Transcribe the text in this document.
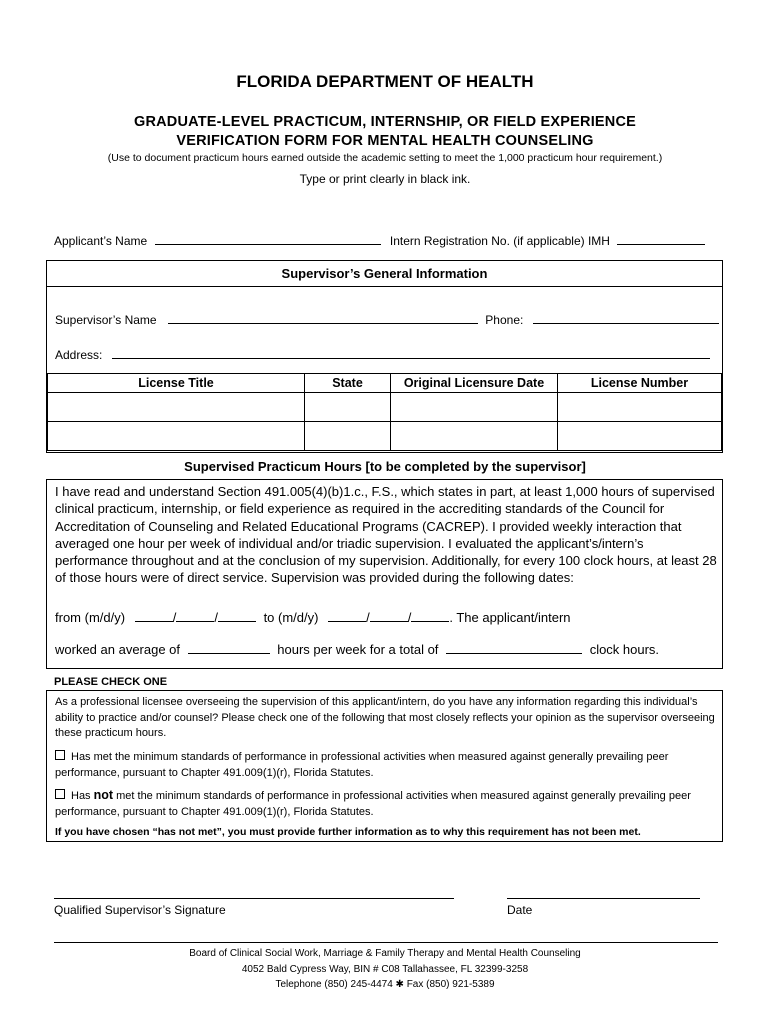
FLORIDA DEPARTMENT OF HEALTH
GRADUATE-LEVEL PRACTICUM, INTERNSHIP, OR FIELD EXPERIENCE
VERIFICATION FORM FOR MENTAL HEALTH COUNSELING
(Use to document practicum hours earned outside the academic setting to meet the 1,000 practicum hour requirement.)
Type or print clearly in black ink.
Applicant’s Name	Intern Registration No. (if applicable) IMH
Supervisor’s General Information
Supervisor’s Name	Phone:
Address:
License Title	State	Original Licensure Date	License Number

Supervised Practicum Hours [to be completed by the supervisor]
I have read and understand Section 491.005(4)(b)1.c., F.S., which states in part, at least 1,000 hours of supervised clinical practicum, internship, or field experience as required in the accrediting standards of the Council for Accreditation of Counseling and Related Educational Programs (CACREP). I provided weekly interaction that averaged one hour per week of individual and/or triadic supervision. I evaluated the applicant’s/intern’s performance throughout and at the conclusion of my supervision. Additionally, for every 100 clock hours, at least 28 of those hours were of direct service. Supervision was provided during the following dates:
from (m/d/y)	/	/	to (m/d/y)	/	/	. The applicant/intern
worked an average of	hours per week for a total of	clock hours.
PLEASE CHECK ONE
As a professional licensee overseeing the supervision of this applicant/intern, do you have any information regarding this individual’s ability to practice and/or counsel? Please check one of the following that most closely reflects your opinion as the supervisor overseeing these practicum hours.
Has met the minimum standards of performance in professional activities when measured against generally prevailing peer performance, pursuant to Chapter 491.009(1)(r), Florida Statutes.
Has not met the minimum standards of performance in professional activities when measured against generally prevailing peer performance, pursuant to Chapter 491.009(1)(r), Florida Statutes.
If you have chosen “has not met”, you must provide further information as to why this requirement has not been met.
Qualified Supervisor’s Signature	Date
Board of Clinical Social Work, Marriage & Family Therapy and Mental Health Counseling
4052 Bald Cypress Way, BIN # C08 Tallahassee, FL 32399-3258
Telephone (850) 245-4474 ✱ Fax (850) 921-5389
